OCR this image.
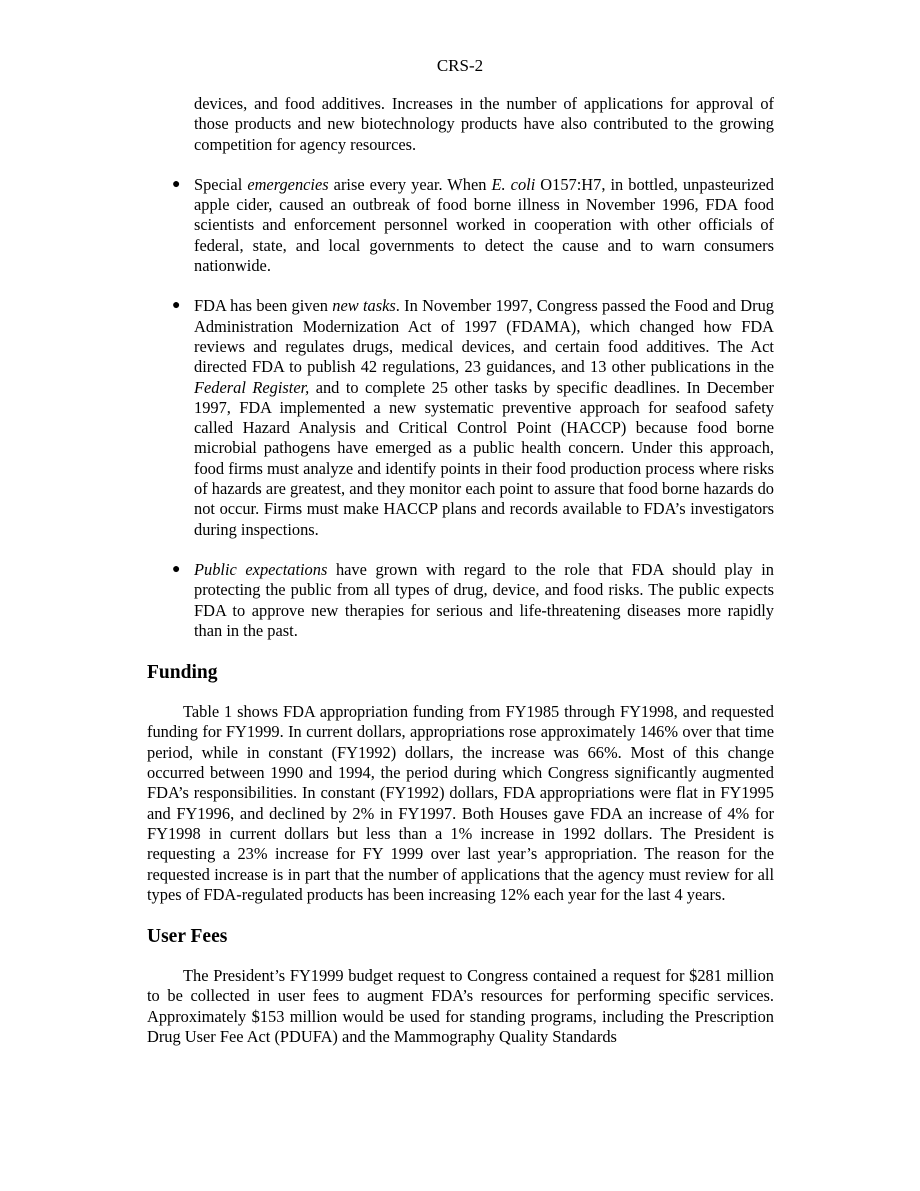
CRS-2

devices, and food additives. Increases in the number of applications for approval of those products and new biotechnology products have also contributed to the growing competition for agency resources.

● Special emergencies arise every year. When E. coli O157:H7, in bottled, unpasteurized apple cider, caused an outbreak of food borne illness in November 1996, FDA food scientists and enforcement personnel worked in cooperation with other officials of federal, state, and local governments to detect the cause and to warn consumers nationwide.
● FDA has been given new tasks. In November 1997, Congress passed the Food and Drug Administration Modernization Act of 1997 (FDAMA), which changed how FDA reviews and regulates drugs, medical devices, and certain food additives. The Act directed FDA to publish 42 regulations, 23 guidances, and 13 other publications in the Federal Register, and to complete 25 other tasks by specific deadlines. In December 1997, FDA implemented a new systematic preventive approach for seafood safety called Hazard Analysis and Critical Control Point (HACCP) because food borne microbial pathogens have emerged as a public health concern. Under this approach, food firms must analyze and identify points in their food production process where risks of hazards are greatest, and they monitor each point to assure that food borne hazards do not occur. Firms must make HACCP plans and records available to FDA’s investigators during inspections.
● Public expectations have grown with regard to the role that FDA should play in protecting the public from all types of drug, device, and food risks. The public expects FDA to approve new therapies for serious and life-threatening diseases more rapidly than in the past.
Funding

Table 1 shows FDA appropriation funding from FY1985 through FY1998, and requested funding for FY1999. In current dollars, appropriations rose approximately 146% over that time period, while in constant (FY1992) dollars, the increase was 66%. Most of this change occurred between 1990 and 1994, the period during which Congress significantly augmented FDA’s responsibilities. In constant (FY1992) dollars, FDA appropriations were flat in FY1995 and FY1996, and declined by 2% in FY1997. Both Houses gave FDA an increase of 4% for FY1998 in current dollars but less than a 1% increase in 1992 dollars. The President is requesting a 23% increase for FY 1999 over last year’s appropriation. The reason for the requested increase is in part that the number of applications that the agency must review for all types of FDA-regulated products has been increasing 12% each year for the last 4 years.

User Fees

The President’s FY1999 budget request to Congress contained a request for $281 million to be collected in user fees to augment FDA’s resources for performing specific services. Approximately $153 million would be used for standing programs, including the Prescription Drug User Fee Act (PDUFA) and the Mammography Quality Standards
